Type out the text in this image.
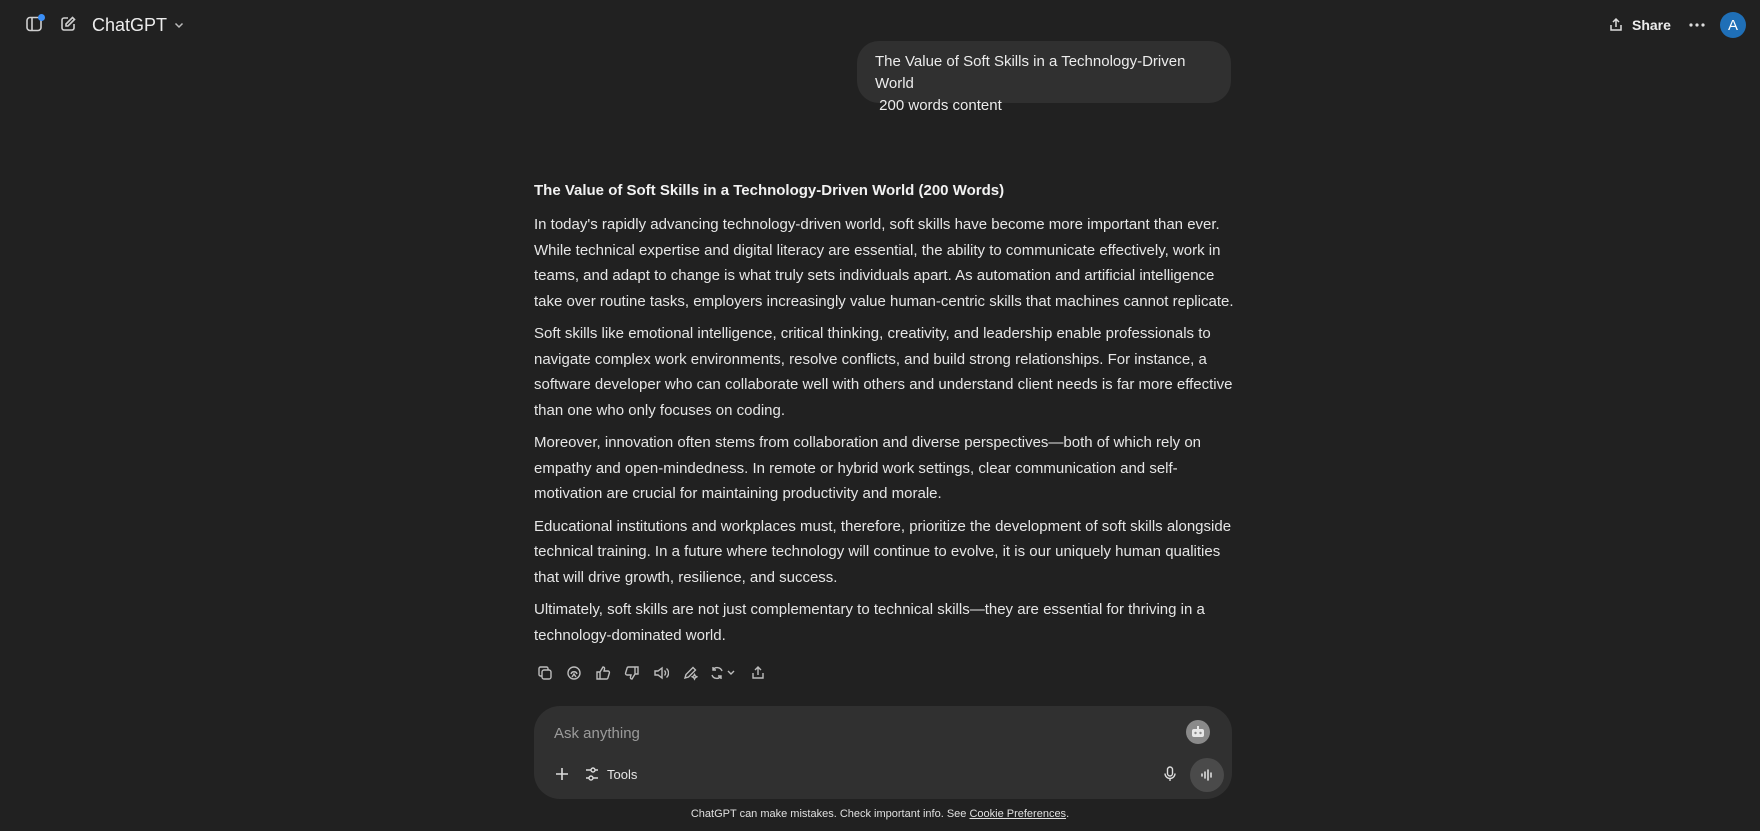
ChatGPT	Share	A
The Value of Soft Skills in a Technology-Driven World
200 words content
The Value of Soft Skills in a Technology-Driven World (200 Words)

In today's rapidly advancing technology-driven world, soft skills have become more important than ever. While technical expertise and digital literacy are essential, the ability to communicate effectively, work in teams, and adapt to change is what truly sets individuals apart. As automation and artificial intelligence take over routine tasks, employers increasingly value human-centric skills that machines cannot replicate.

Soft skills like emotional intelligence, critical thinking, creativity, and leadership enable professionals to navigate complex work environments, resolve conflicts, and build strong relationships. For instance, a software developer who can collaborate well with others and understand client needs is far more effective than one who only focuses on coding.

Moreover, innovation often stems from collaboration and diverse perspectives—both of which rely on empathy and open-mindedness. In remote or hybrid work settings, clear communication and self-motivation are crucial for maintaining productivity and morale.

Educational institutions and workplaces must, therefore, prioritize the development of soft skills alongside technical training. In a future where technology will continue to evolve, it is our uniquely human qualities that will drive growth, resilience, and success.

Ultimately, soft skills are not just complementary to technical skills—they are essential for thriving in a technology-dominated world.

Ask anything
Tools
ChatGPT can make mistakes. Check important info. See Cookie Preferences.
